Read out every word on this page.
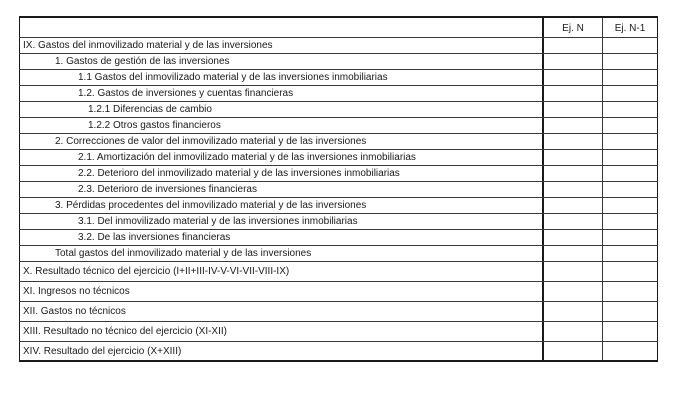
Ej. N	Ej. N-1
IX. Gastos del inmovilizado material y de las inversiones
1. Gastos de gestión de las inversiones
1.1 Gastos del inmovilizado material y de las inversiones inmobiliarias
1.2. Gastos de inversiones y cuentas financieras
1.2.1 Diferencias de cambio
1.2.2 Otros gastos financieros
2. Correcciones de valor del inmovilizado material y de las inversiones
2.1. Amortización del inmovilizado material y de las inversiones inmobiliarias
2.2. Deterioro del inmovilizado material y de las inversiones inmobiliarias
2.3. Deterioro de inversiones financieras
3. Pérdidas procedentes del inmovilizado material y de las inversiones
3.1. Del inmovilizado material y de las inversiones inmobiliarias
3.2. De las inversiones financieras
Total gastos del inmovilizado material y de las inversiones
X. Resultado técnico del ejercicio (I+II+III-IV-V-VI-VII-VIII-IX)
XI. Ingresos no técnicos
XII. Gastos no técnicos
XIII. Resultado no técnico del ejercicio (XI-XII)
XIV. Resultado del ejercicio (X+XIII)
